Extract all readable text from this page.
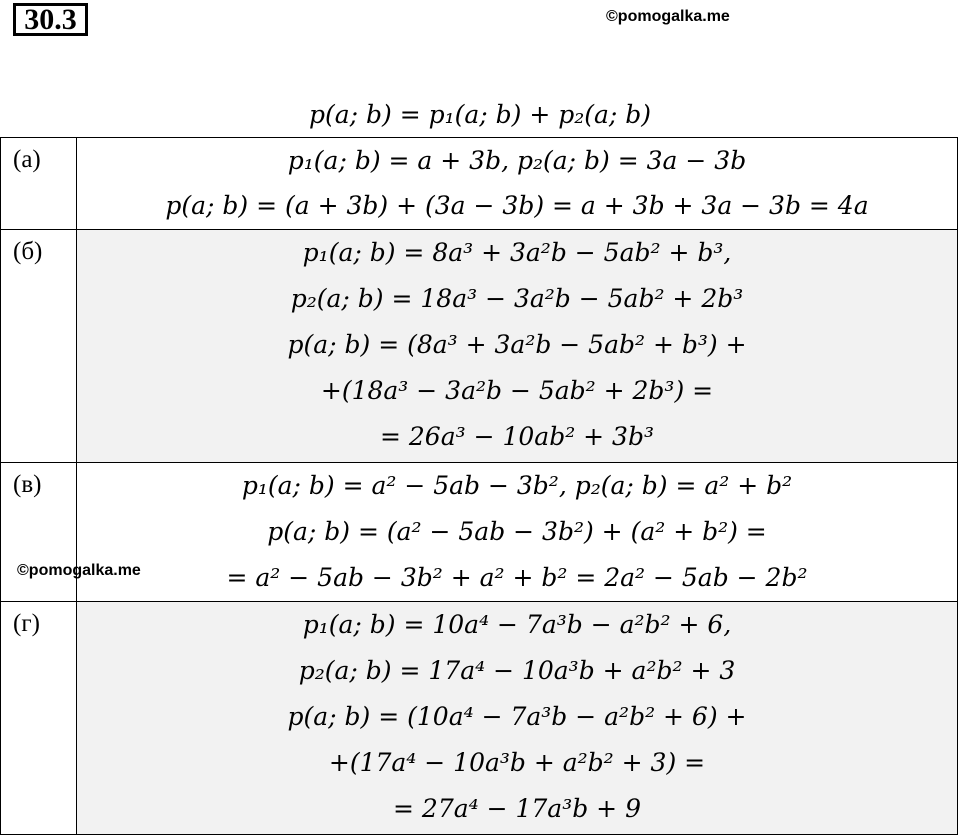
30.3	©pomogalka.me
©pomogalka.me
p(a; b) = p₁(a; b) + p₂(a; b)
(а)	p₁(a; b) = a + 3b, p₂(a; b) = 3a − 3b
p(a; b) = (a + 3b) + (3a − 3b) = a + 3b + 3a − 3b = 4a

(б)	p₁(a; b) = 8a³ + 3a²b − 5ab² + b³,
p₂(a; b) = 18a³ − 3a²b − 5ab² + 2b³
p(a; b) = (8a³ + 3a²b − 5ab² + b³) +
+(18a³ − 3a²b − 5ab² + 2b³) =
= 26a³ − 10ab² + 3b³

(в)	p₁(a; b) = a² − 5ab − 3b², p₂(a; b) = a² + b²
p(a; b) = (a² − 5ab − 3b²) + (a² + b²) =
= a² − 5ab − 3b² + a² + b² = 2a² − 5ab − 2b²

(г)	p₁(a; b) = 10a⁴ − 7a³b − a²b² + 6,
p₂(a; b) = 17a⁴ − 10a³b + a²b² + 3
p(a; b) = (10a⁴ − 7a³b − a²b² + 6) +
+(17a⁴ − 10a³b + a²b² + 3) =
= 27a⁴ − 17a³b + 9
